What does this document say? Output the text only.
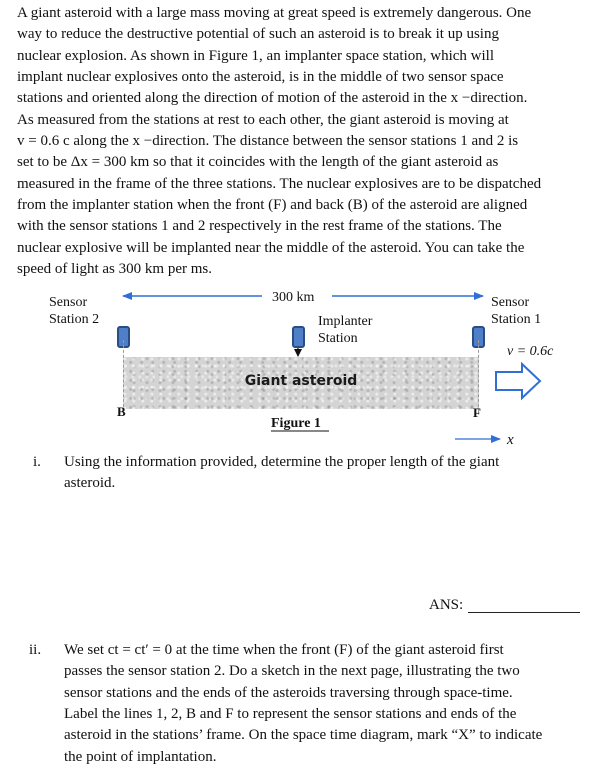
A giant asteroid with a large mass moving at great speed is extremely dangerous. One
way to reduce the destructive potential of such an asteroid is to break it up using
nuclear explosion. As shown in Figure 1, an implanter space station, which will
implant nuclear explosives onto the asteroid, is in the middle of two sensor space
stations and oriented along the direction of motion of the asteroid in the x −direction.
As measured from the stations at rest to each other, the giant asteroid is moving at
v = 0.6 c along the x −direction. The distance between the sensor stations 1 and 2 is
set to be Δx = 300 km so that it coincides with the length of the giant asteroid as
measured in the frame of the three stations. The nuclear explosives are to be dispatched
from the implanter station when the front (F) and back (B) of the asteroid are aligned
with the sensor stations 1 and 2 respectively in the rest frame of the stations. The
nuclear explosive will be implanted near the middle of the asteroid. You can take the
speed of light as 300 km per ms.
300 km
Sensor
Station 2
Sensor
Station 1
Implanter
Station
v = 0.6c
Giant asteroid
B	F
Figure 1
x
i. Using the information provided, determine the proper length of the giant
asteroid.
ANS:
ii. We set ct = ct′ = 0 at the time when the front (F) of the giant asteroid first
passes the sensor station 2. Do a sketch in the next page, illustrating the two
sensor stations and the ends of the asteroids traversing through space-time.
Label the lines 1, 2, B and F to represent the sensor stations and ends of the
asteroid in the stations’ frame. On the space time diagram, mark “X” to indicate
the point of implantation.
